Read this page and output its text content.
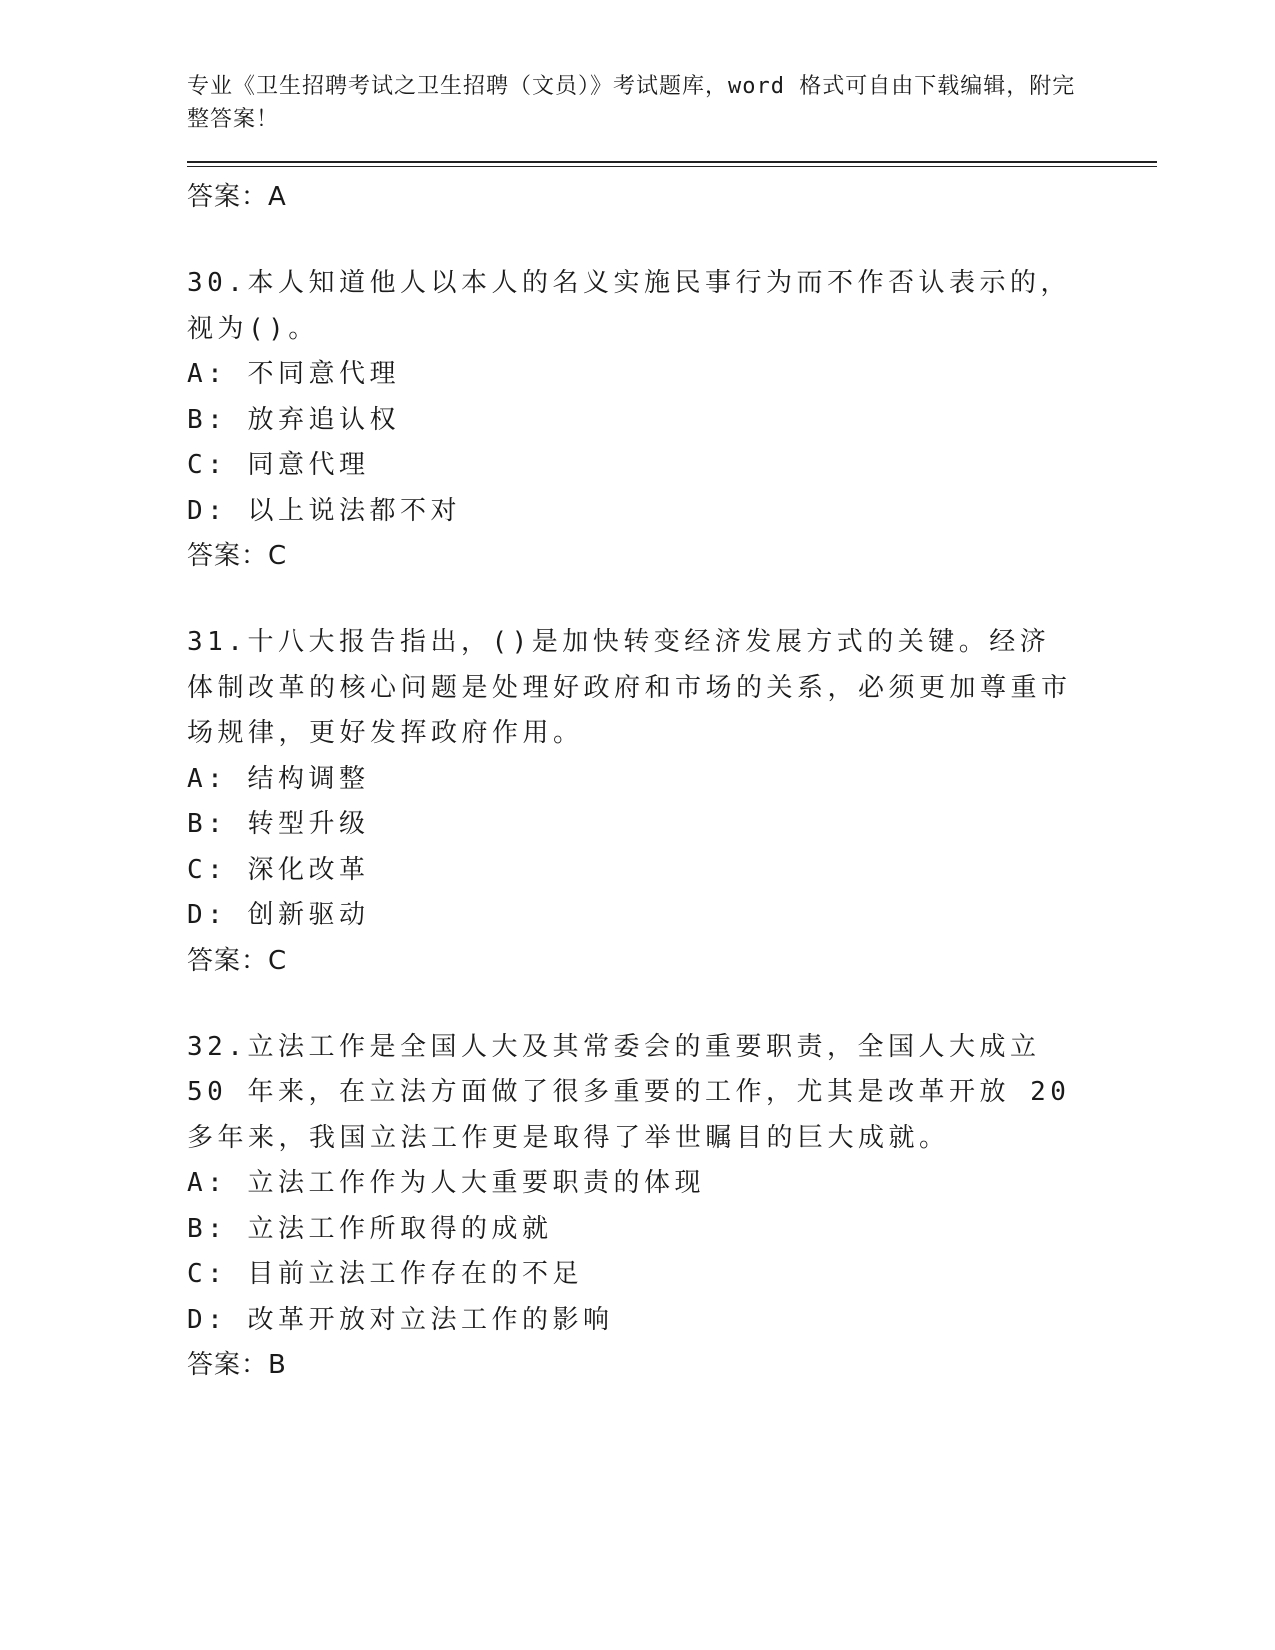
专业《卫生招聘考试之卫生招聘（文员）》考试题库，word 格式可自由下载编辑，附完整答案！

答案：A

30.本人知道他人以本人的名义实施民事行为而不作否认表示的，视为()。

A: 不同意代理
B: 放弃追认权
C: 同意代理
D: 以上说法都不对
答案：C

31.十八大报告指出，()是加快转变经济发展方式的关键。经济体制改革的核心问题是处理好政府和市场的关系，必须更加尊重市场规律，更好发挥政府作用。

A: 结构调整
B: 转型升级
C: 深化改革
D: 创新驱动
答案：C

32.立法工作是全国人大及其常委会的重要职责，全国人大成立 50 年来，在立法方面做了很多重要的工作，尤其是改革开放 20 多年来，我国立法工作更是取得了举世瞩目的巨大成就。

A: 立法工作作为人大重要职责的体现
B: 立法工作所取得的成就
C: 目前立法工作存在的不足
D: 改革开放对立法工作的影响
答案：B
